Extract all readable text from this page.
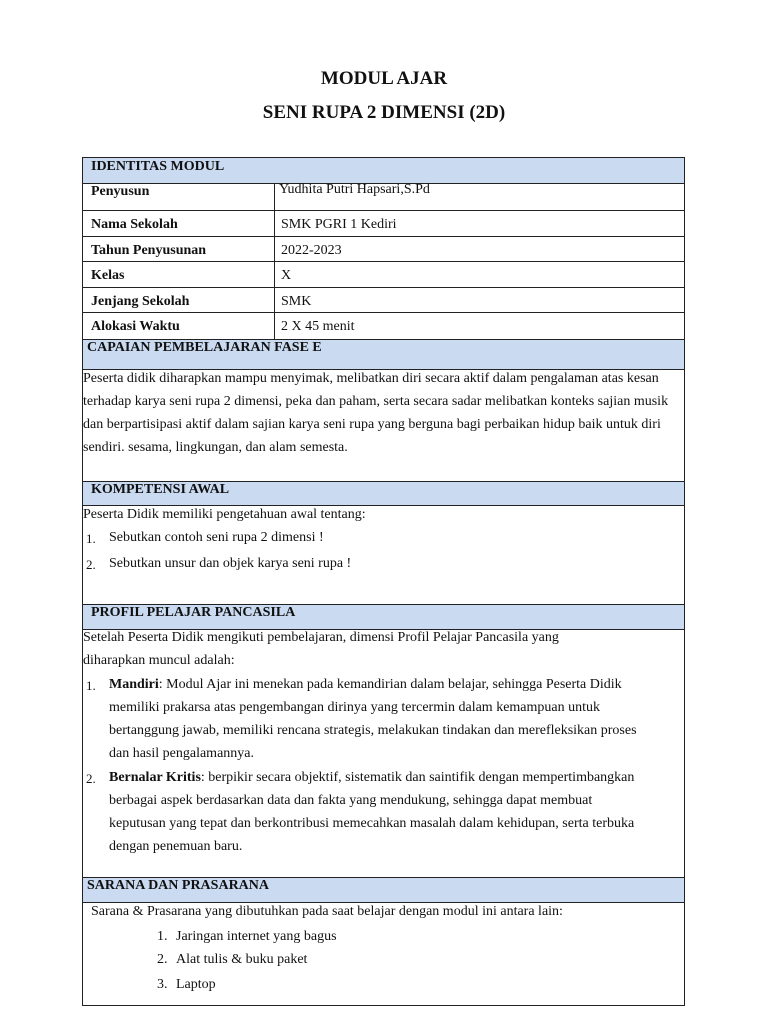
MODUL AJAR
SENI RUPA 2 DIMENSI (2D)
IDENTITAS MODUL
Penyusun	Yudhita Putri Hapsari,S.Pd
Nama Sekolah	SMK PGRI 1 Kediri
Tahun Penyusunan	2022-2023
Kelas	X
Jenjang Sekolah	SMK
Alokasi Waktu	2 X 45 menit
CAPAIAN PEMBELAJARAN FASE E
Peserta didik diharapkan mampu menyimak, melibatkan diri secara aktif dalam pengalaman atas kesan
terhadap karya seni rupa 2 dimensi, peka dan paham, serta secara sadar melibatkan konteks sajian musik
dan berpartisipasi aktif dalam sajian karya seni rupa yang berguna bagi perbaikan hidup baik untuk diri
sendiri. sesama, lingkungan, dan alam semesta.
KOMPETENSI AWAL
Peserta Didik memiliki pengetahuan awal tentang:
1. Sebutkan contoh seni rupa 2 dimensi !
2. Sebutkan unsur dan objek karya seni rupa !
PROFIL PELAJAR PANCASILA
Setelah Peserta Didik mengikuti pembelajaran, dimensi Profil Pelajar Pancasila yang
diharapkan muncul adalah:
1. Mandiri: Modul Ajar ini menekan pada kemandirian dalam belajar, sehingga Peserta Didik
memiliki prakarsa atas pengembangan dirinya yang tercermin dalam kemampuan untuk
bertanggung jawab, memiliki rencana strategis, melakukan tindakan dan merefleksikan proses
dan hasil pengalamannya.
2. Bernalar Kritis: berpikir secara objektif, sistematik dan saintifik dengan mempertimbangkan
berbagai aspek berdasarkan data dan fakta yang mendukung, sehingga dapat membuat
keputusan yang tepat dan berkontribusi memecahkan masalah dalam kehidupan, serta terbuka
dengan penemuan baru.
SARANA DAN PRASARANA
Sarana & Prasarana yang dibutuhkan pada saat belajar dengan modul ini antara lain:
1. Jaringan internet yang bagus
2. Alat tulis & buku paket
3. Laptop
